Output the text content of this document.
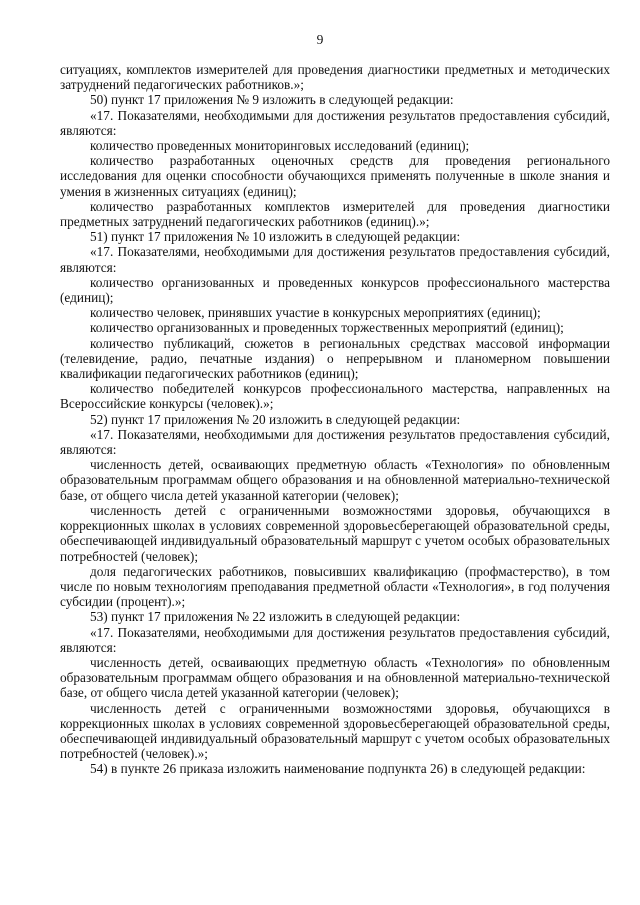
9

ситуациях, комплектов измерителей для проведения диагностики предметных и методических затруднений педагогических работников.»;

50) пункт 17 приложения № 9 изложить в следующей редакции:

«17. Показателями, необходимыми для достижения результатов предоставления субсидий, являются:

количество проведенных мониторинговых исследований (единиц);

количество разработанных оценочных средств для проведения регионального исследования для оценки способности обучающихся применять полученные в школе знания и умения в жизненных ситуациях (единиц);

количество разработанных комплектов измерителей для проведения диагностики предметных затруднений педагогических работников (единиц).»;

51) пункт 17 приложения № 10 изложить в следующей редакции:

«17. Показателями, необходимыми для достижения результатов предоставления субсидий, являются:

количество организованных и проведенных конкурсов профессионального мастерства (единиц);

количество человек, принявших участие в конкурсных мероприятиях (единиц);

количество организованных и проведенных торжественных мероприятий (единиц);

количество публикаций, сюжетов в региональных средствах массовой информации (телевидение, радио, печатные издания) о непрерывном и планомерном повышении квалификации педагогических работников (единиц);

количество победителей конкурсов профессионального мастерства, направленных на Всероссийские конкурсы (человек).»;

52) пункт 17 приложения № 20 изложить в следующей редакции:

«17. Показателями, необходимыми для достижения результатов предоставления субсидий, являются:

численность детей, осваивающих предметную область «Технология» по обновленным образовательным программам общего образования и на обновленной материально-технической базе, от общего числа детей указанной категории (человек);

численность детей с ограниченными возможностями здоровья, обучающихся в коррекционных школах в условиях современной здоровьесберегающей образовательной среды, обеспечивающей индивидуальный образовательный маршрут с учетом особых образовательных потребностей (человек);

доля педагогических работников, повысивших квалификацию (профмастерство), в том числе по новым технологиям преподавания предметной области «Технология», в год получения субсидии (процент).»;

53) пункт 17 приложения № 22 изложить в следующей редакции:

«17. Показателями, необходимыми для достижения результатов предоставления субсидий, являются:

численность детей, осваивающих предметную область «Технология» по обновленным образовательным программам общего образования и на обновленной материально-технической базе, от общего числа детей указанной категории (человек);

численность детей с ограниченными возможностями здоровья, обучающихся в коррекционных школах в условиях современной здоровьесберегающей образовательной среды, обеспечивающей индивидуальный образовательный маршрут с учетом особых образовательных потребностей (человек).»;

54) в пункте 26 приказа изложить наименование подпункта 26) в следующей редакции:
